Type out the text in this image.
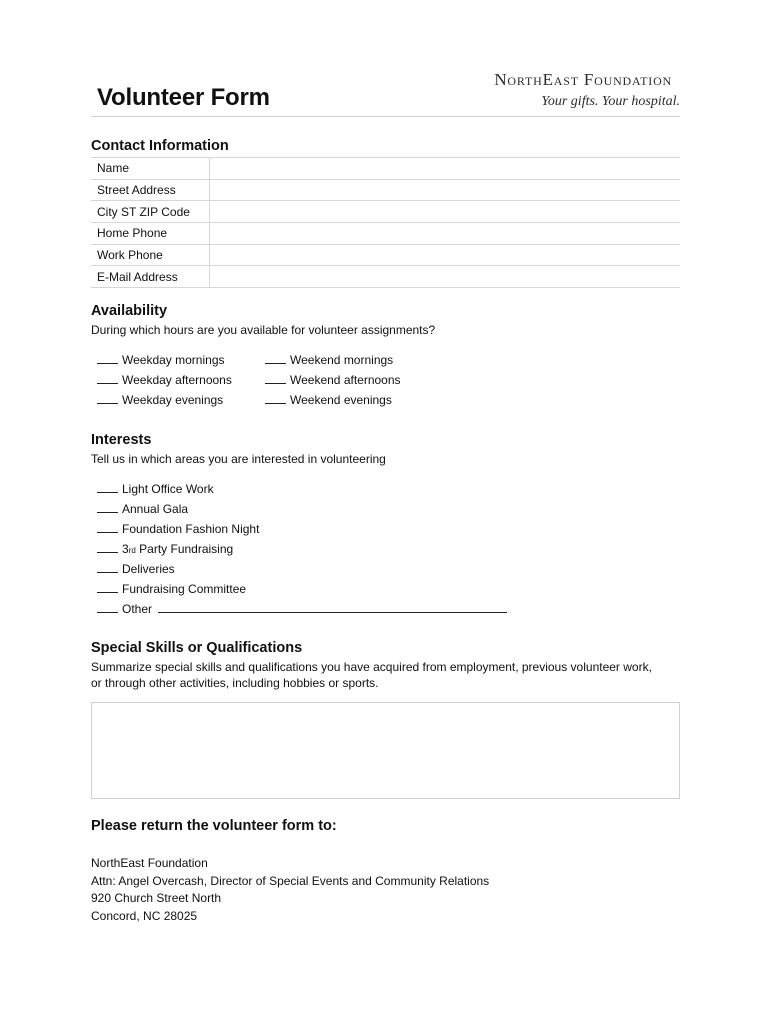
Volunteer Form
NorthEast Foundation
Your gifts. Your hospital.
Contact Information
Name	
Street Address	
City ST ZIP Code	
Home Phone	
Work Phone	
E-Mail Address	
Availability
During which hours are you available for volunteer assignments?
Weekday mornings
Weekday afternoons
Weekday evenings
Weekend mornings
Weekend afternoons
Weekend evenings
Interests
Tell us in which areas you are interested in volunteering
Light Office Work
Annual Gala
Foundation Fashion Night
3 rd
Party Fundraising
Deliveries
Fundraising Committee
Other
Special Skills or Qualifications
Summarize special skills and qualifications you have acquired from employment, previous volunteer work,
or through other activities, including hobbies or sports.
Please return the volunteer form to:
NorthEast Foundation
Attn: Angel Overcash, Director of Special Events and Community Relations
920 Church Street North
Concord, NC 28025
